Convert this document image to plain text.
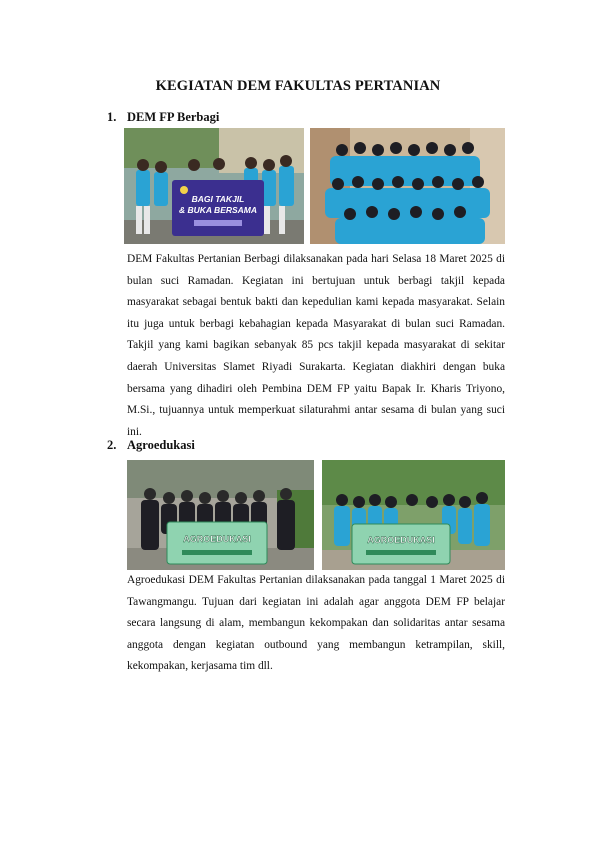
KEGIATAN DEM FAKULTAS PERTANIAN
1. DEM FP Berbagi
BAGI TAKJIL
& BUKA BERSAMA

DEM Fakultas Pertanian Berbagi dilaksanakan pada hari Selasa 18 Maret 2025 di bulan suci Ramadan. Kegiatan ini bertujuan untuk berbagi takjil kepada masyarakat sebagai bentuk bakti dan kepedulian kami kepada masyarakat. Selain itu juga untuk berbagi kebahagian kepada Masyarakat di bulan suci Ramadan. Takjil yang kami bagikan sebanyak 85 pcs takjil kepada masyarakat di sekitar daerah Universitas Slamet Riyadi Surakarta. Kegiatan diakhiri dengan buka bersama yang dihadiri oleh Pembina DEM FP yaitu Bapak Ir. Kharis Triyono, M.Si., tujuannya untuk memperkuat silaturahmi antar sesama di bulan yang suci ini.

2. Agroedukasi
AGROEDUKASI	AGROEDUKASI

Agroedukasi DEM Fakultas Pertanian dilaksanakan pada tanggal 1 Maret 2025 di Tawangmangu. Tujuan dari kegiatan ini adalah agar anggota DEM FP belajar secara langsung di alam, membangun kekompakan dan solidaritas antar sesama anggota dengan kegiatan outbound yang membangun ketrampilan, skill, kekompakan, kerjasama tim dll.
